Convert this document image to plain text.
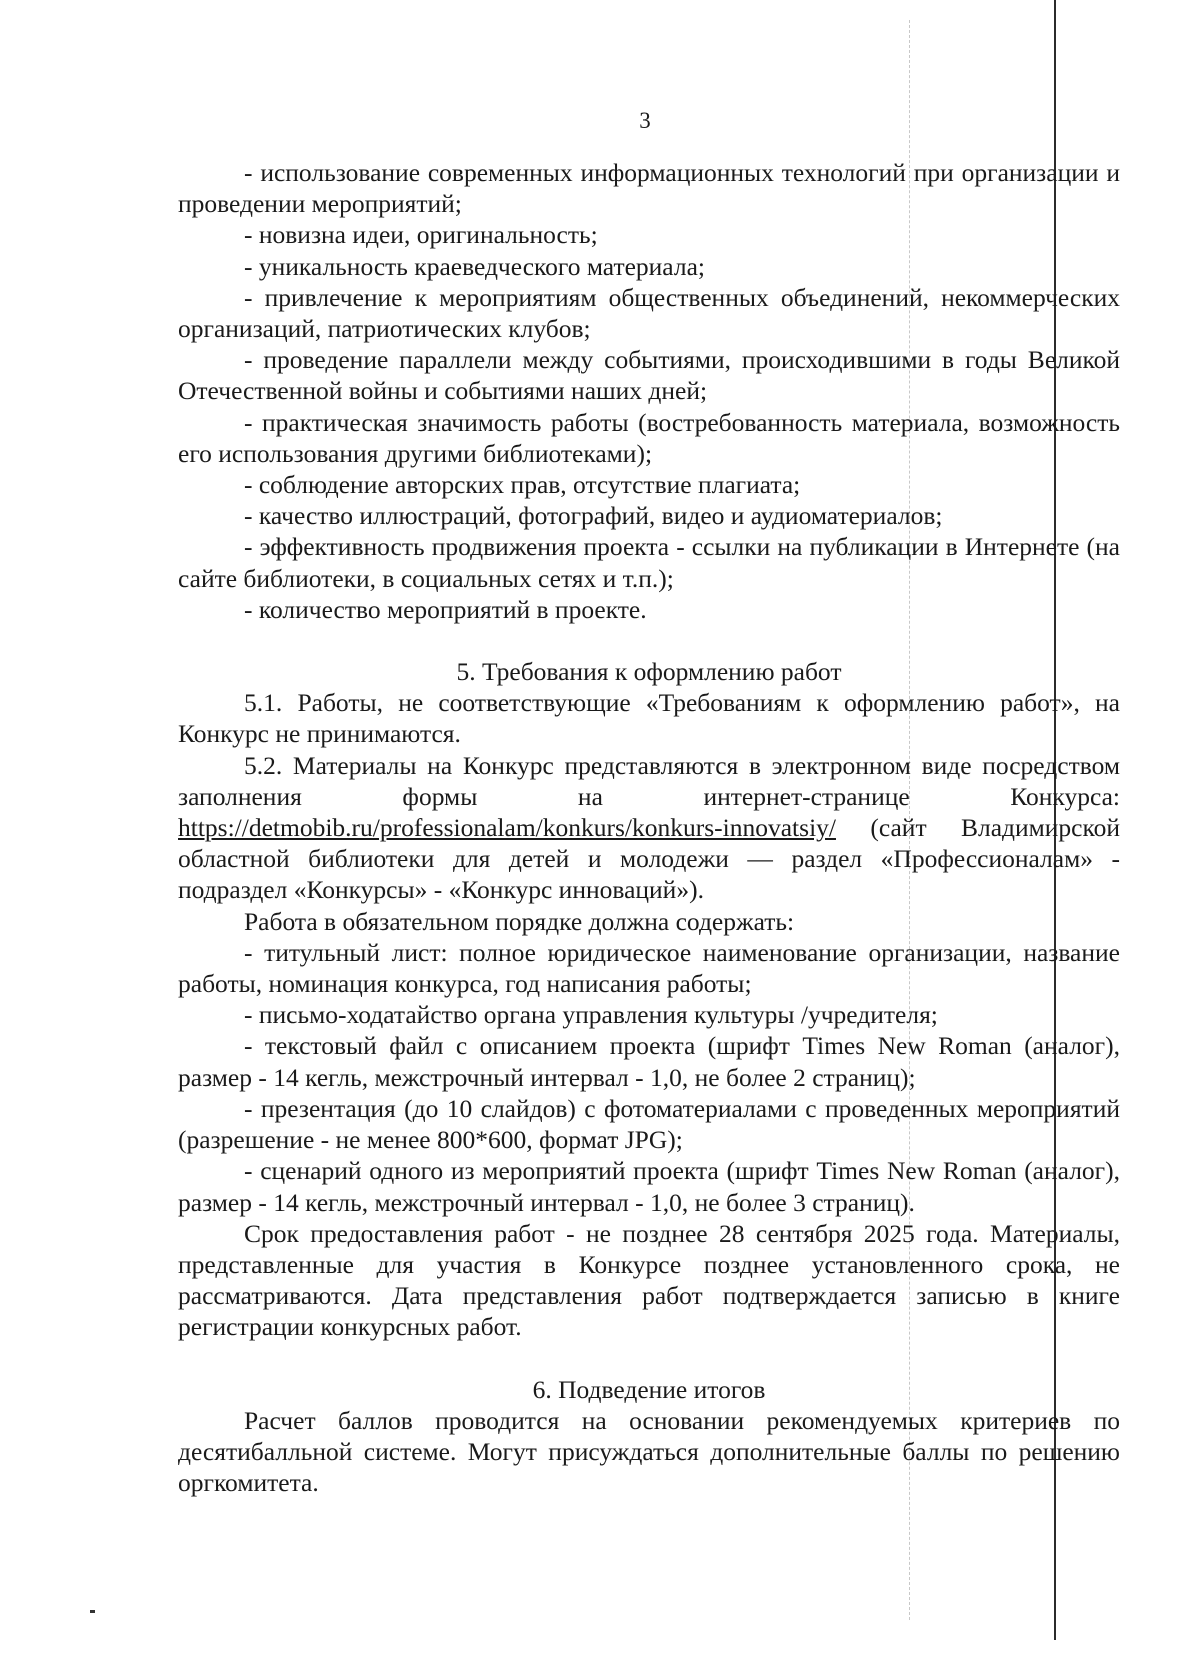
3

- использование современных информационных технологий при организации и проведении мероприятий;

- новизна идеи, оригинальность;

- уникальность краеведческого материала;

- привлечение к мероприятиям общественных объединений, некоммерческих организаций, патриотических клубов;

- проведение параллели между событиями, происходившими в годы Великой Отечественной войны и событиями наших дней;

- практическая значимость работы (востребованность материала, возможность его использования другими библиотеками);

- соблюдение авторских прав, отсутствие плагиата;

- качество иллюстраций, фотографий, видео и аудиоматериалов;

- эффективность продвижения проекта - ссылки на публикации в Интернете (на сайте библиотеки, в социальных сетях и т.п.);

- количество мероприятий в проекте.

5. Требования к оформлению работ

5.1. Работы, не соответствующие «Требованиям к оформлению работ», на Конкурс не принимаются.

5.2. Материалы на Конкурс представляются в электронном виде посредством заполнения формы на интернет-странице Конкурса: https://detmobib.ru/professionalam/konkurs/konkurs-innovatsiy/ (сайт Владимирской областной библиотеки для детей и молодежи — раздел «Профессионалам» - подраздел «Конкурсы» - «Конкурс инноваций»).

Работа в обязательном порядке должна содержать:

- титульный лист: полное юридическое наименование организации, название работы, номинация конкурса, год написания работы;

- письмо-ходатайство органа управления культуры /учредителя;

- текстовый файл с описанием проекта (шрифт Times New Roman (аналог), размер - 14 кегль, межстрочный интервал - 1,0, не более 2 страниц);

- презентация (до 10 слайдов) с фотоматериалами с проведенных мероприятий (разрешение - не менее 800*600, формат JPG);

- сценарий одного из мероприятий проекта (шрифт Times New Roman (аналог), размер - 14 кегль, межстрочный интервал - 1,0, не более 3 страниц).

Срок предоставления работ - не позднее 28 сентября 2025 года. Материалы, представленные для участия в Конкурсе позднее установленного срока, не рассматриваются. Дата представления работ подтверждается записью в книге регистрации конкурсных работ.

6. Подведение итогов

Расчет баллов проводится на основании рекомендуемых критериев по десятибалльной системе. Могут присуждаться дополнительные баллы по решению оргкомитета.
